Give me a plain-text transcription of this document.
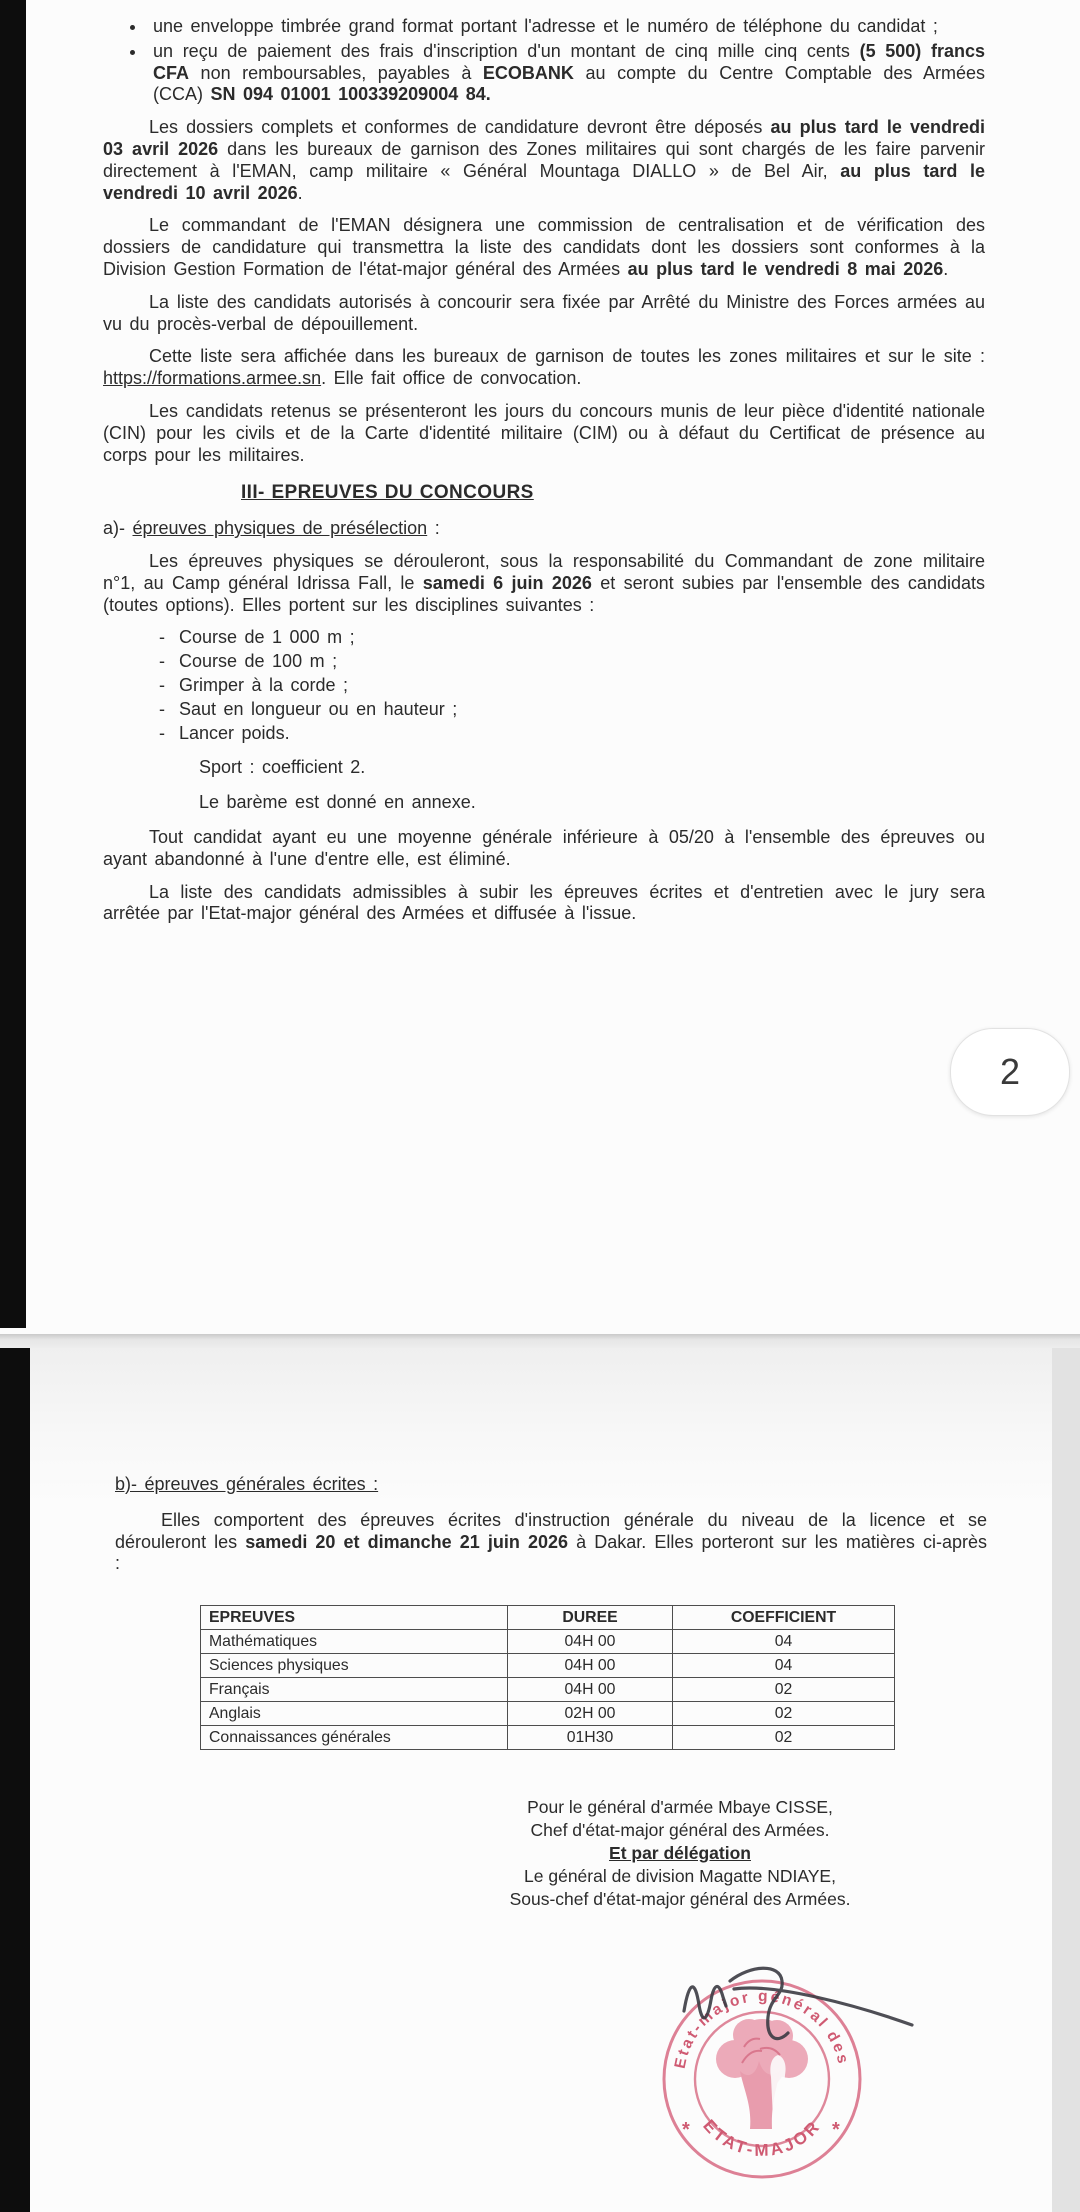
• une enveloppe timbrée grand format portant l'adresse et le numéro de téléphone du candidat ;
• un reçu de paiement des frais d'inscription d'un montant de cinq mille cinq cents (5 500) francs CFA non remboursables, payables à ECOBANK au compte du Centre Comptable des Armées (CCA) SN 094 01001 100339209004 84.

Les dossiers complets et conformes de candidature devront être déposés au plus tard le vendredi 03 avril 2026 dans les bureaux de garnison des Zones militaires qui sont chargés de les faire parvenir directement à l'EMAN, camp militaire « Général Mountaga DIALLO » de Bel Air, au plus tard le vendredi 10 avril 2026.

Le commandant de l'EMAN désignera une commission de centralisation et de vérification des dossiers de candidature qui transmettra la liste des candidats dont les dossiers sont conformes à la Division Gestion Formation de l'état-major général des Armées au plus tard le vendredi 8 mai 2026.

La liste des candidats autorisés à concourir sera fixée par Arrêté du Ministre des Forces armées au vu du procès-verbal de dépouillement.

Cette liste sera affichée dans les bureaux de garnison de toutes les zones militaires et sur le site : https://formations.armee.sn. Elle fait office de convocation.

Les candidats retenus se présenteront les jours du concours munis de leur pièce d'identité nationale (CIN) pour les civils et de la Carte d'identité militaire (CIM) ou à défaut du Certificat de présence au corps pour les militaires.

III- EPREUVES DU CONCOURS

a)- épreuves physiques de présélection :

Les épreuves physiques se dérouleront, sous la responsabilité du Commandant de zone militaire n°1, au Camp général Idrissa Fall, le samedi 6 juin 2026 et seront subies par l'ensemble des candidats (toutes options). Elles portent sur les disciplines suivantes :

- Course de 1 000 m ;
- Course de 100 m ;
- Grimper à la corde ;
- Saut en longueur ou en hauteur ;
- Lancer poids.

Sport : coefficient 2.

Le barème est donné en annexe.

Tout candidat ayant eu une moyenne générale inférieure à 05/20 à l'ensemble des épreuves ou ayant abandonné à l'une d'entre elle, est éliminé.

La liste des candidats admissibles à subir les épreuves écrites et d'entretien avec le jury sera arrêtée par l'Etat-major général des Armées et diffusée à l'issue.

2

b)- épreuves générales écrites :

Elles comportent des épreuves écrites d'instruction générale du niveau de la licence et se dérouleront les samedi 20 et dimanche 21 juin 2026 à Dakar. Elles porteront sur les matières ci-après :

EPREUVES	DUREE	COEFFICIENT
Mathématiques	04H 00	04
Sciences physiques	04H 00	04
Français	04H 00	02
Anglais	02H 00	02
Connaissances générales	01H30	02

Pour le général d'armée Mbaye CISSE,

Chef d'état-major général des Armées.

Et par délégation

Le général de division Magatte NDIAYE,

Sous-chef d'état-major général des Armées.

Etat-major général des
ETAT-MAJOR
*	*
